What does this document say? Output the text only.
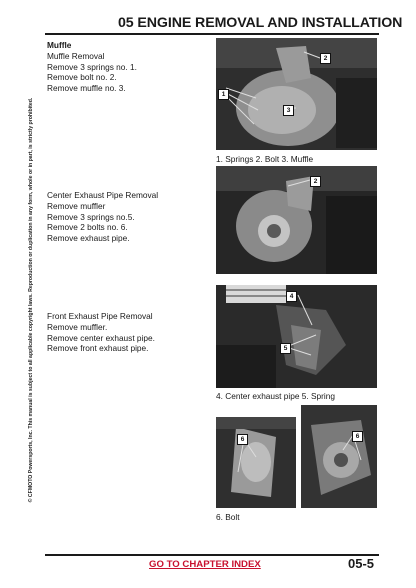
05 ENGINE REMOVAL AND INSTALLATION
© CFMOTO Powersports, Inc. This manual is subject to all applicable copyright laws. Reproduction or duplication in any form, whole or in part, is strictly prohibited.
Muffle
Muffle Removal
Remove 3 springs no. 1.
Remove bolt no. 2.
Remove muffle no. 3.
Center Exhaust Pipe Removal
Remove muffler
Remove 3 springs no.5.
Remove 2 bolts no. 6.
Remove exhaust pipe.
Front Exhaust Pipe Removal
Remove muffler.
Remove center exhaust pipe.
Remove front exhaust pipe.
1
2
3
1. Springs 2. Bolt 3. Muffle
2
4
5
4. Center exhaust pipe 5. Spring
6	6
6. Bolt
GO TO CHAPTER INDEX	05-5
